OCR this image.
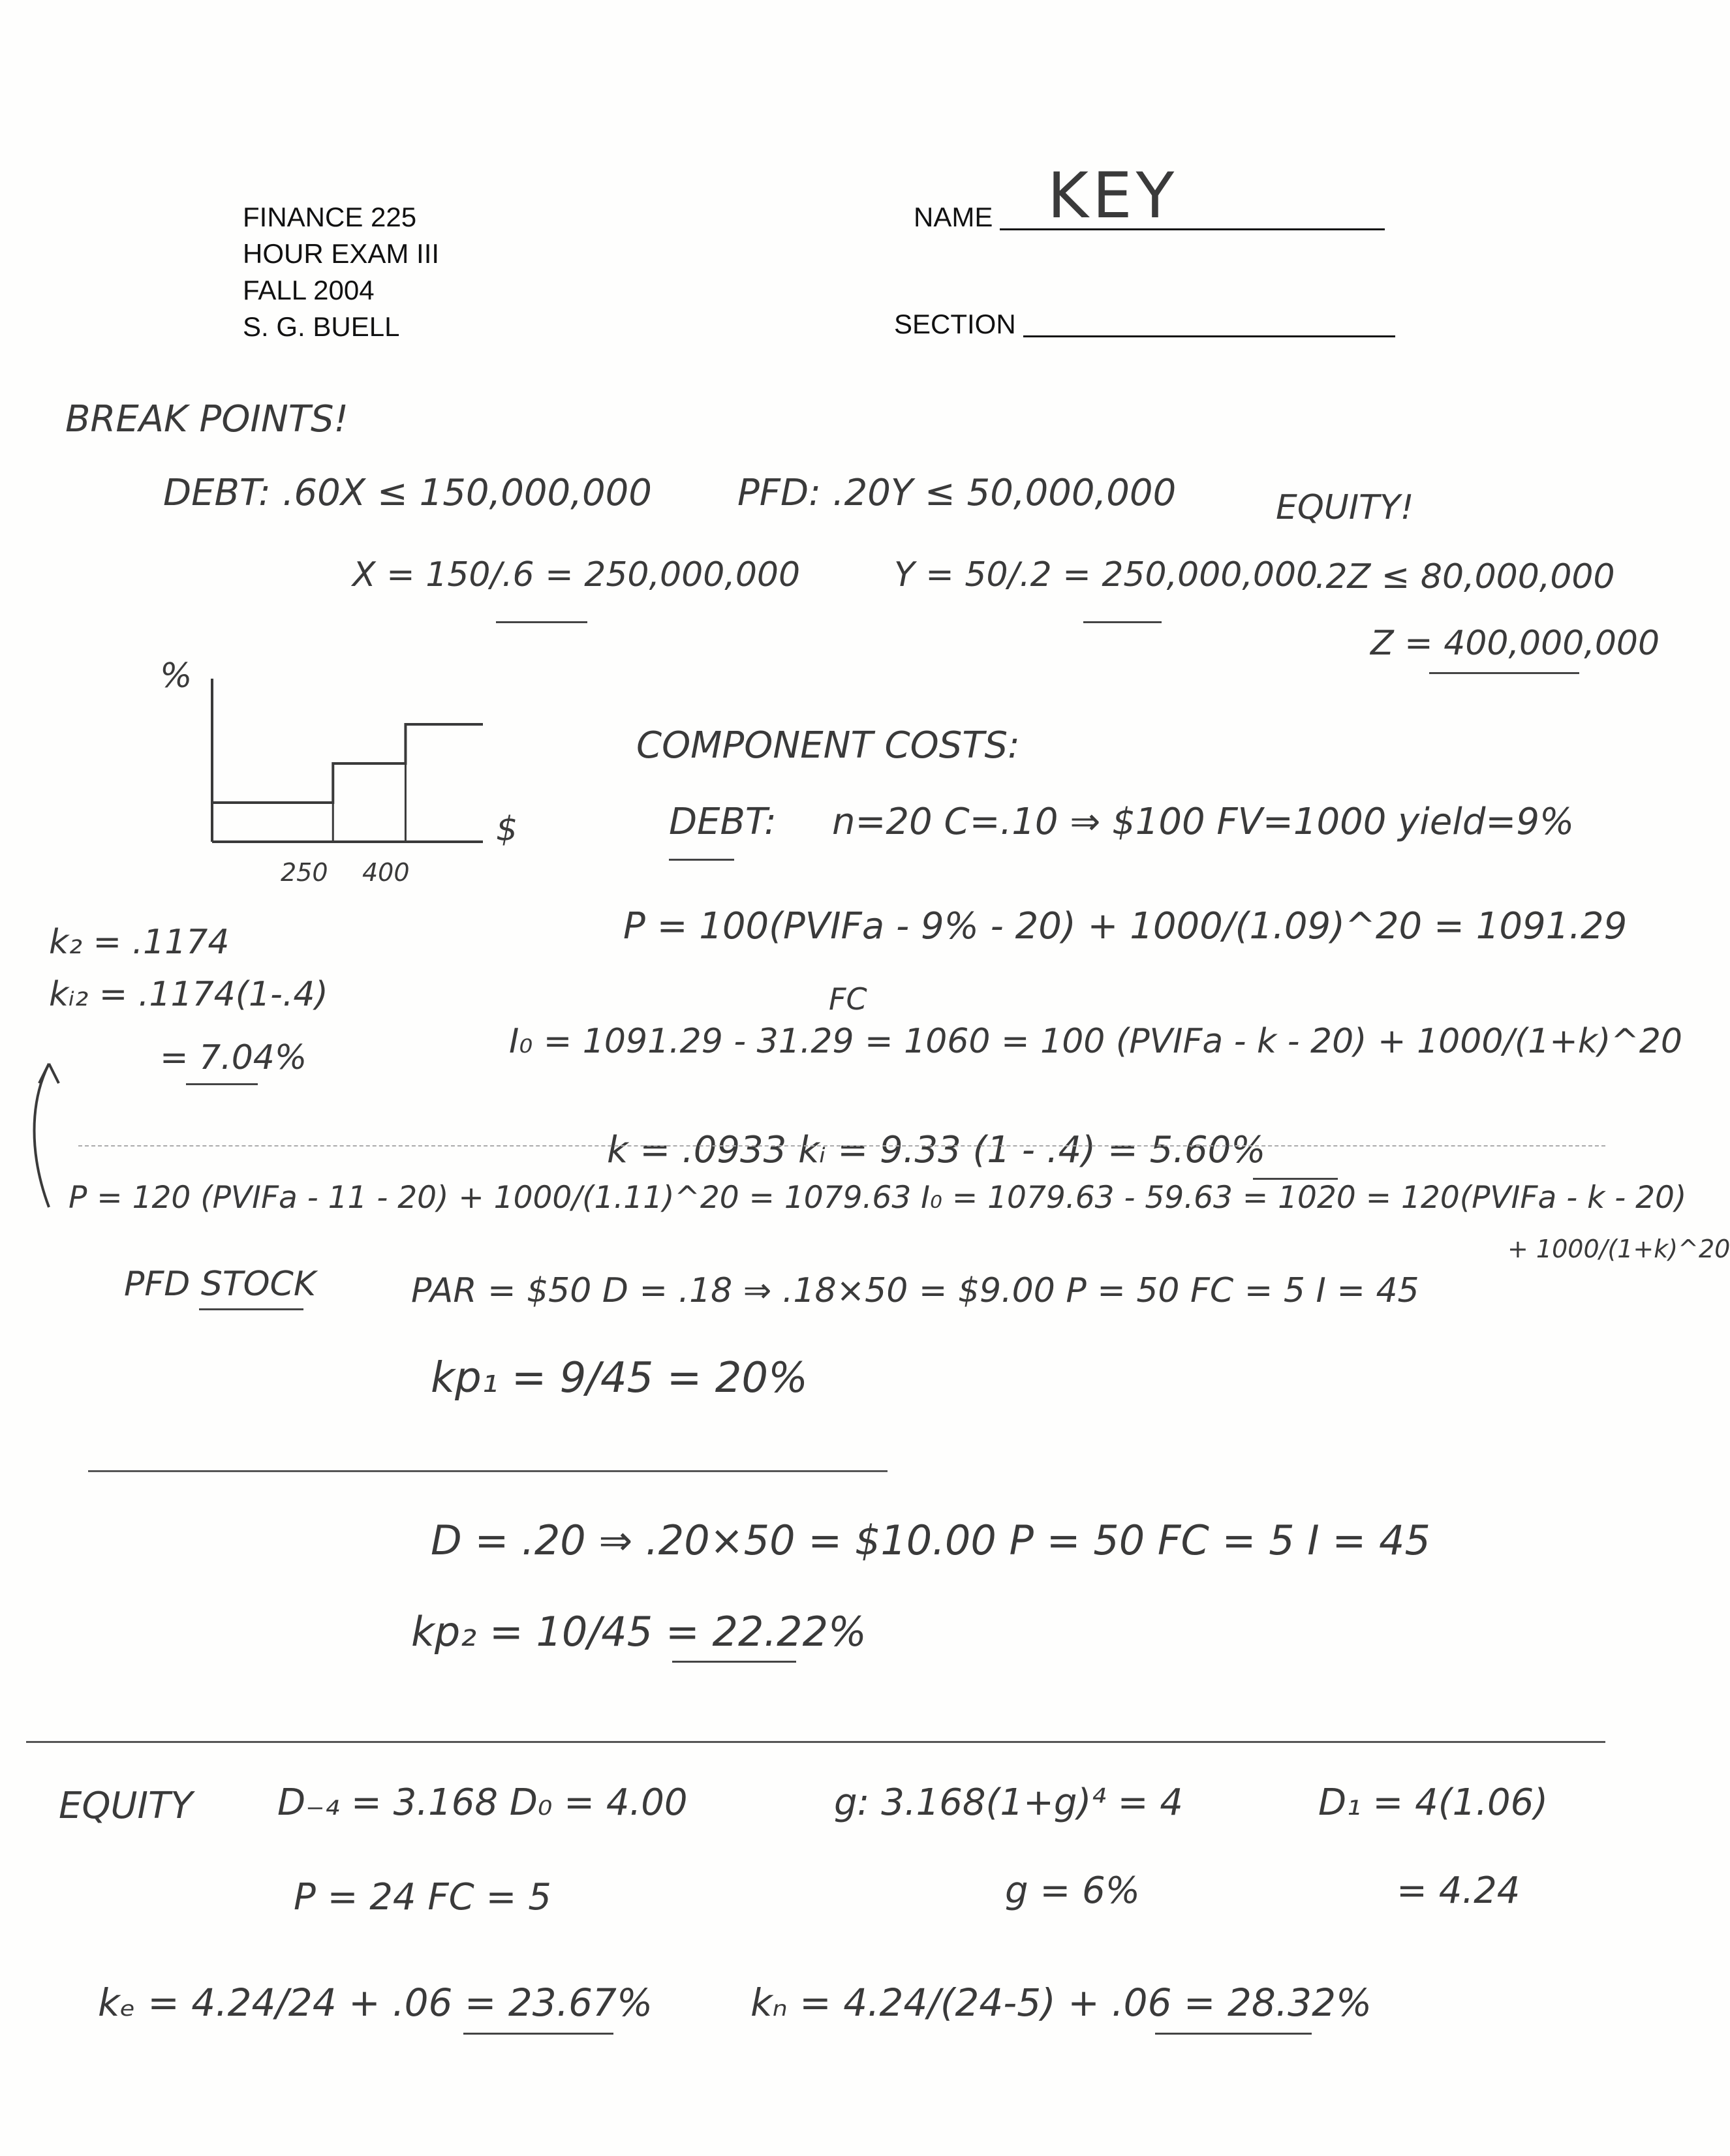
FINANCE 225
HOUR EXAM III
FALL 2004
S. G. BUELL
NAME KEY
SECTION
BREAK POINTS!
DEBT: .60X ≤ 150,000,000
X = 150/.6 = 250,000,000
PFD: .20Y ≤ 50,000,000
Y = 50/.2 = 250,000,000
EQUITY!
.2Z ≤ 80,000,000
Z = 400,000,000
%
$
250 400
COMPONENT COSTS:
DEBT: n=20 C=.10 ⇒ $100 FV=1000 yield=9%
P = 100(PVIFa - 9% - 20) + 1000/(1.09)^20 = 1091.29
FC
I₀ = 1091.29 - 31.29 = 1060 = 100 (PVIFa - k - 20) + 1000/(1+k)^20
k = .0933 kᵢ = 9.33 (1 - .4) = 5.60%
k₂ = .1174
kᵢ₂ = .1174(1-.4)
= 7.04%
P = 120 (PVIFa - 11 - 20) + 1000/(1.11)^20 = 1079.63 I₀ = 1079.63 - 59.63 = 1020 = 120(PVIFa - k - 20)
+ 1000/(1+k)^20
PFD STOCK	PAR = $50 D = .18 ⇒ .18×50 = $9.00 P = 50 FC = 5 I = 45
kp₁ = 9/45 = 20%
D = .20 ⇒ .20×50 = $10.00 P = 50 FC = 5 I = 45
kp₂ = 10/45 = 22.22%
EQUITY D₋₄ = 3.168 D₀ = 4.00	g: 3.168(1+g)⁴ = 4
g = 6%
D₁ = 4(1.06)
= 4.24
P = 24 FC = 5
kₑ = 4.24/24 + .06 = 23.67%	kₙ = 4.24/(24-5) + .06 = 28.32%
